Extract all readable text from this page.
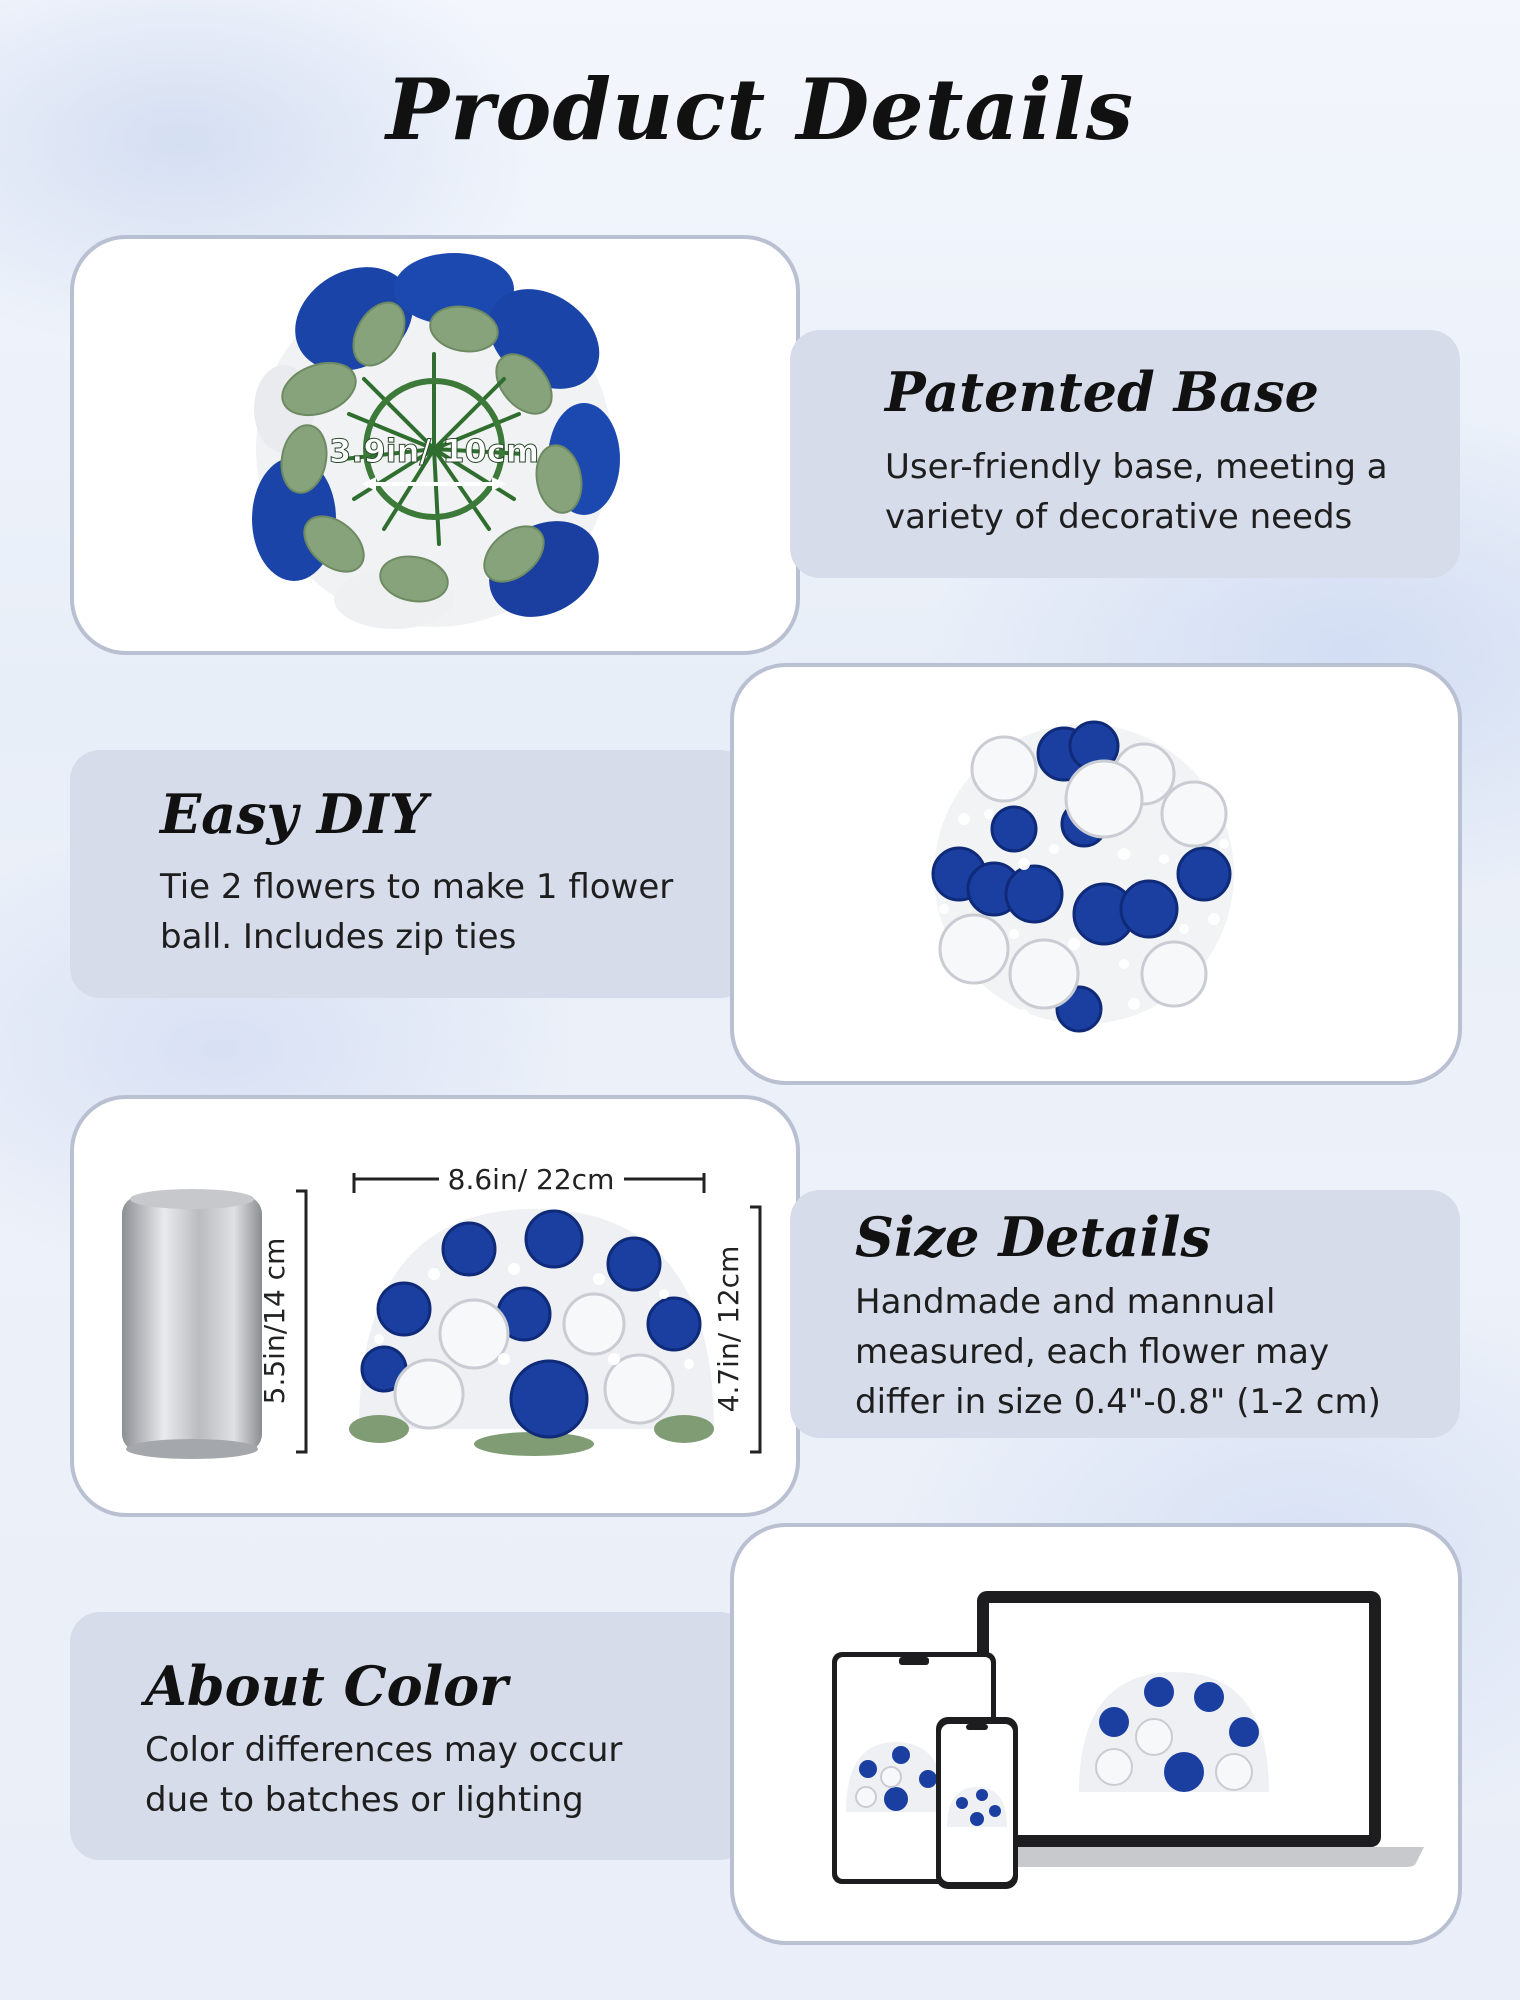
Product Details
3.9in/ 10cm
Patented Base

User-friendly base, meeting a

variety of decorative needs

Easy DIY

Tie 2 flowers to make 1 flower

ball. Includes zip ties

5.5in/14 cm
8.6in/ 22cm
4.7in/ 12cm
Size Details

Handmade and mannual

measured, each flower may

differ in size 0.4"-0.8" (1-2 cm)

About Color

Color differences may occur

due to batches or lighting
